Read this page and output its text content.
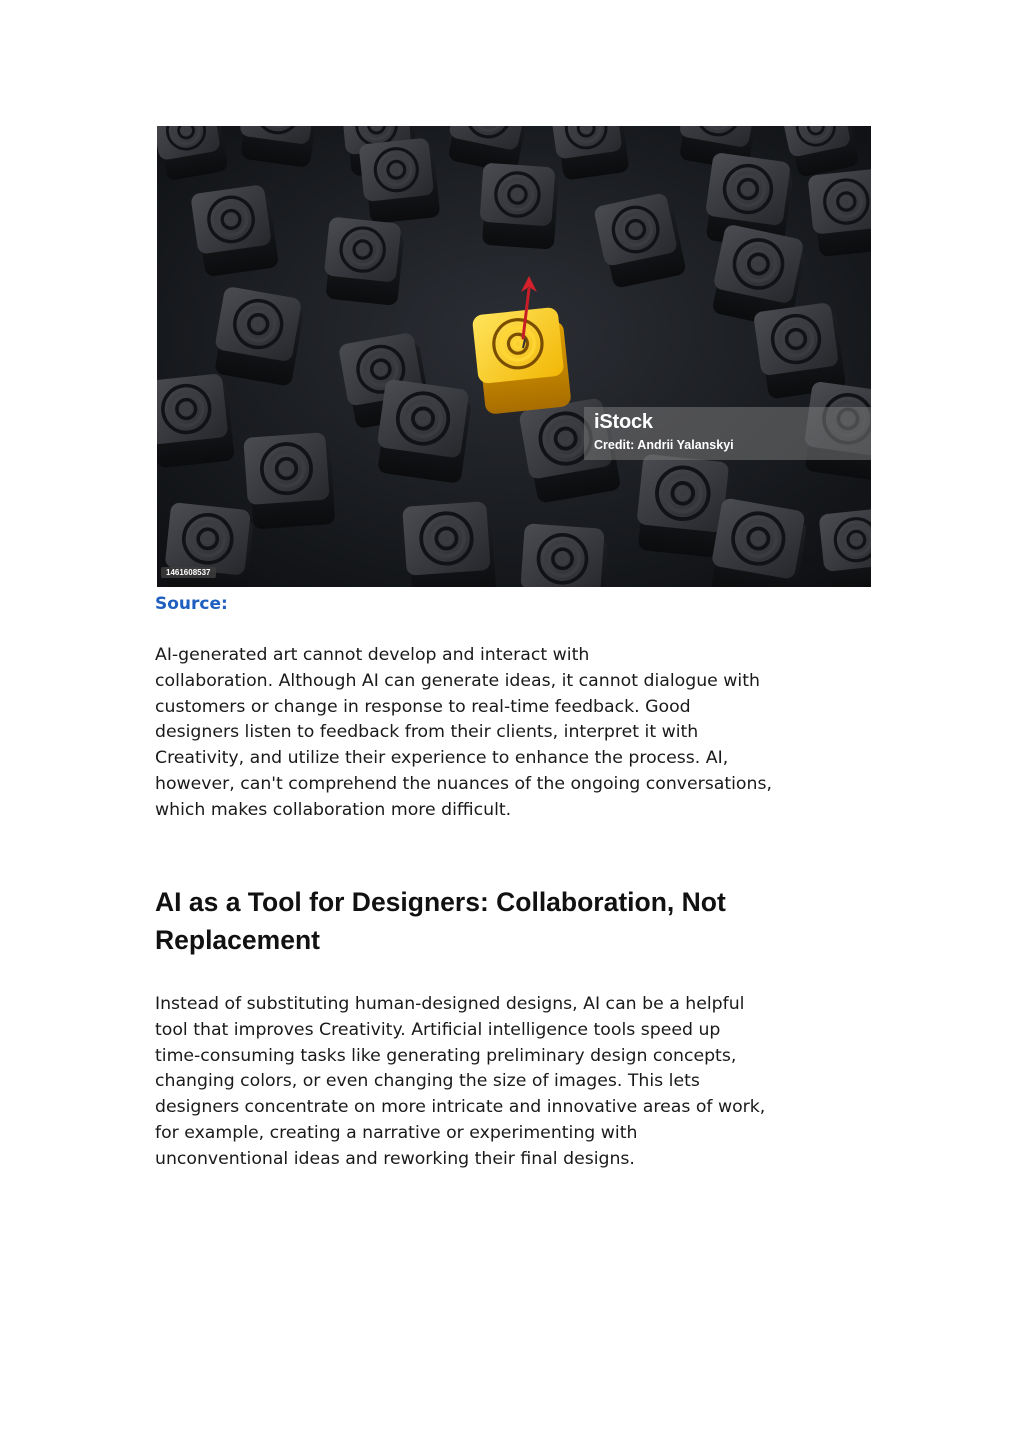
iStock
Credit: Andrii Yalanskyi
1461608537
Source:

AI-generated art cannot develop and interact with
collaboration. Although AI can generate ideas, it cannot dialogue with
customers or change in response to real-time feedback. Good
designers listen to feedback from their clients, interpret it with
Creativity, and utilize their experience to enhance the process. AI,
however, can't comprehend the nuances of the ongoing conversations,
which makes collaboration more difficult.

AI as a Tool for Designers: Collaboration, Not
Replacement

Instead of substituting human-designed designs, AI can be a helpful
tool that improves Creativity. Artificial intelligence tools speed up
time-consuming tasks like generating preliminary design concepts,
changing colors, or even changing the size of images. This lets
designers concentrate on more intricate and innovative areas of work,
for example, creating a narrative or experimenting with
unconventional ideas and reworking their final designs.
